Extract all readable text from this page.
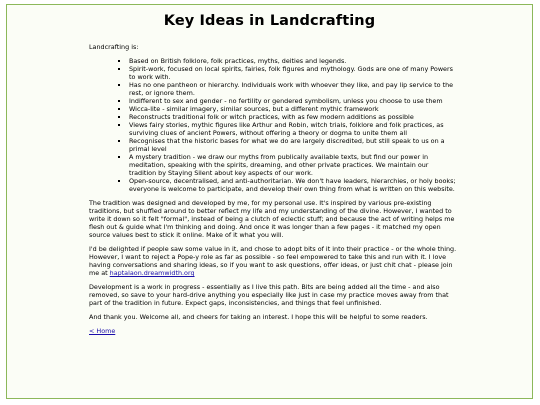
Key Ideas in Landcrafting

Landcrafting is:

▪ Based on British folklore, folk practices, myths, deities and legends.
▪ Spirit-work, focused on local spirits, fairies, folk figures and mythology. Gods are one of many Powers to work with.
▪ Has no one pantheon or hierarchy. Individuals work with whoever they like, and pay lip service to the rest, or ignore them.
▪ Indifferent to sex and gender - no fertility or gendered symbolism, unless you choose to use them
▪ Wicca-lite - similar imagery, similar sources, but a different mythic framework
▪ Reconstructs traditional folk or witch practices, with as few modern additions as possible
▪ Views fairy stories, mythic figures like Arthur and Robin, witch trials, folklore and folk practices, as surviving clues of ancient Powers, without offering a theory or dogma to unite them all
▪ Recognises that the historic bases for what we do are largely discredited, but still speak to us on a primal level
▪ A mystery tradition - we draw our myths from publically available texts, but find our power in meditation, speaking with the spirits, dreaming, and other private practices. We maintain our tradition by Staying Silent about key aspects of our work.
▪ Open-source, decentralised, and anti-authoritarian. We don't have leaders, hierarchies, or holy books; everyone is welcome to participate, and develop their own thing from what is written on this website.

The tradition was designed and developed by me, for my personal use. It's inspired by various pre-existing traditions, but shuffled around to better reflect my life and my understanding of the divine. However, I wanted to write it down so it felt "formal", instead of being a clutch of eclectic stuff; and because the act of writing helps me flesh out & guide what I'm thinking and doing. And once it was longer than a few pages - it matched my open source values best to stick it online. Make of it what you will.

I'd be delighted if people saw some value in it, and chose to adopt bits of it into their practice - or the whole thing. However, I want to reject a Pope-y role as far as possible - so feel empowered to take this and run with it. I love having conversations and sharing ideas, so if you want to ask questions, offer ideas, or just chit chat - please join me at haptalaon.dreamwidth.org

Development is a work in progress - essentially as I live this path. Bits are being added all the time - and also removed, so save to your hard-drive anything you especially like just in case my practice moves away from that part of the tradition in future. Expect gaps, inconsistencies, and things that feel unfinished.

And thank you. Welcome all, and cheers for taking an interest. I hope this will be helpful to some readers.

< Home
